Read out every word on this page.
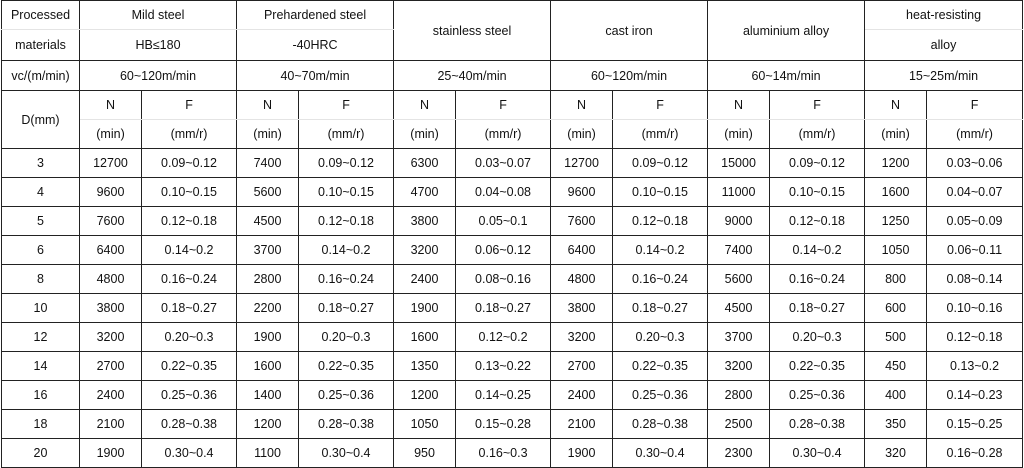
Processed	Mild steel		Prehardened steel		stainless steel		cast iron		aluminium alloy		heat-resisting	
materials	HB≤180		-40HRC								alloy	
vc/(m/min)	60~120m/min		40~70m/min		25~40m/min		60~120m/min		60~14m/min		15~25m/min	
D(mm)	N	F	N	F	N	F	N	F	N	F	N	F
	(min)	(mm/r)	(min)	(mm/r)	(min)	(mm/r)	(min)	(mm/r)	(min)	(mm/r)	(min)	(mm/r)
3	12700	0.09~0.12	7400	0.09~0.12	6300	0.03~0.07	12700	0.09~0.12	15000	0.09~0.12	1200	0.03~0.06
4	9600	0.10~0.15	5600	0.10~0.15	4700	0.04~0.08	9600	0.10~0.15	11000	0.10~0.15	1600	0.04~0.07
5	7600	0.12~0.18	4500	0.12~0.18	3800	0.05~0.1	7600	0.12~0.18	9000	0.12~0.18	1250	0.05~0.09
6	6400	0.14~0.2	3700	0.14~0.2	3200	0.06~0.12	6400	0.14~0.2	7400	0.14~0.2	1050	0.06~0.11
8	4800	0.16~0.24	2800	0.16~0.24	2400	0.08~0.16	4800	0.16~0.24	5600	0.16~0.24	800	0.08~0.14
10	3800	0.18~0.27	2200	0.18~0.27	1900	0.18~0.27	3800	0.18~0.27	4500	0.18~0.27	600	0.10~0.16
12	3200	0.20~0.3	1900	0.20~0.3	1600	0.12~0.2	3200	0.20~0.3	3700	0.20~0.3	500	0.12~0.18
14	2700	0.22~0.35	1600	0.22~0.35	1350	0.13~0.22	2700	0.22~0.35	3200	0.22~0.35	450	0.13~0.2
16	2400	0.25~0.36	1400	0.25~0.36	1200	0.14~0.25	2400	0.25~0.36	2800	0.25~0.36	400	0.14~0.23
18	2100	0.28~0.38	1200	0.28~0.38	1050	0.15~0.28	2100	0.28~0.38	2500	0.28~0.38	350	0.15~0.25
20	1900	0.30~0.4	1100	0.30~0.4	950	0.16~0.3	1900	0.30~0.4	2300	0.30~0.4	320	0.16~0.28
